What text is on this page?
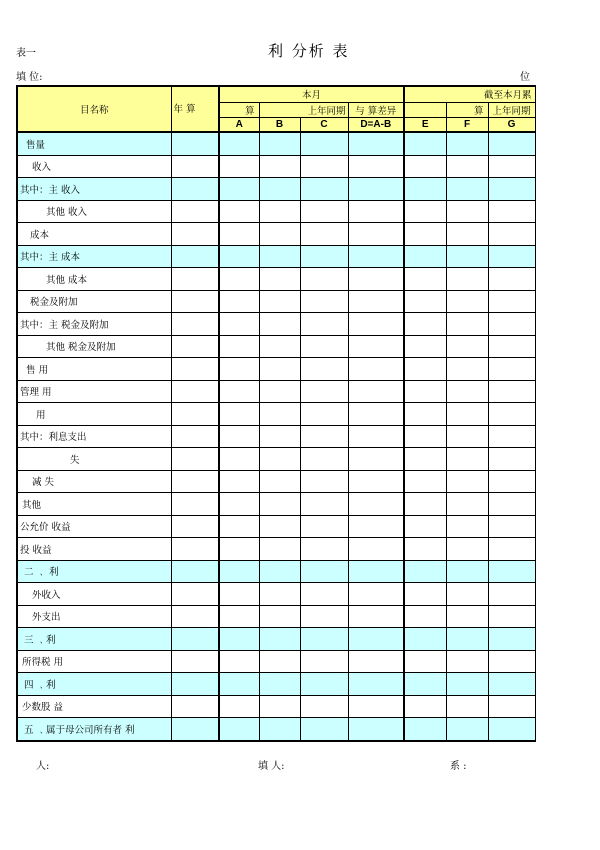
表一	利 分析 表
填 位:	位
目名称	年 算	本月				截至本月累		
		算	上年同期		与 算差异		算	上年同期
		A	B	C	D=A-B	E	F	G
售量								
收入								
其中：主 收入								
其他 收入								
成本								
其中：主 成本								
其他 成本								
税金及附加								
其中：主 税金及附加								
其他 税金及附加								
售 用								
管理 用								
用								
其中：利息支出								
失								
减 失								
其他								
公允价 收益								
投 收益								
二 ﹑ 利								
外收入								
外支出								
三 ﹑利								
所得税 用								
四 ﹑利								
少数股 益								
五 ﹑属于母公司所有者 利								
人:	填 人:	系 :
